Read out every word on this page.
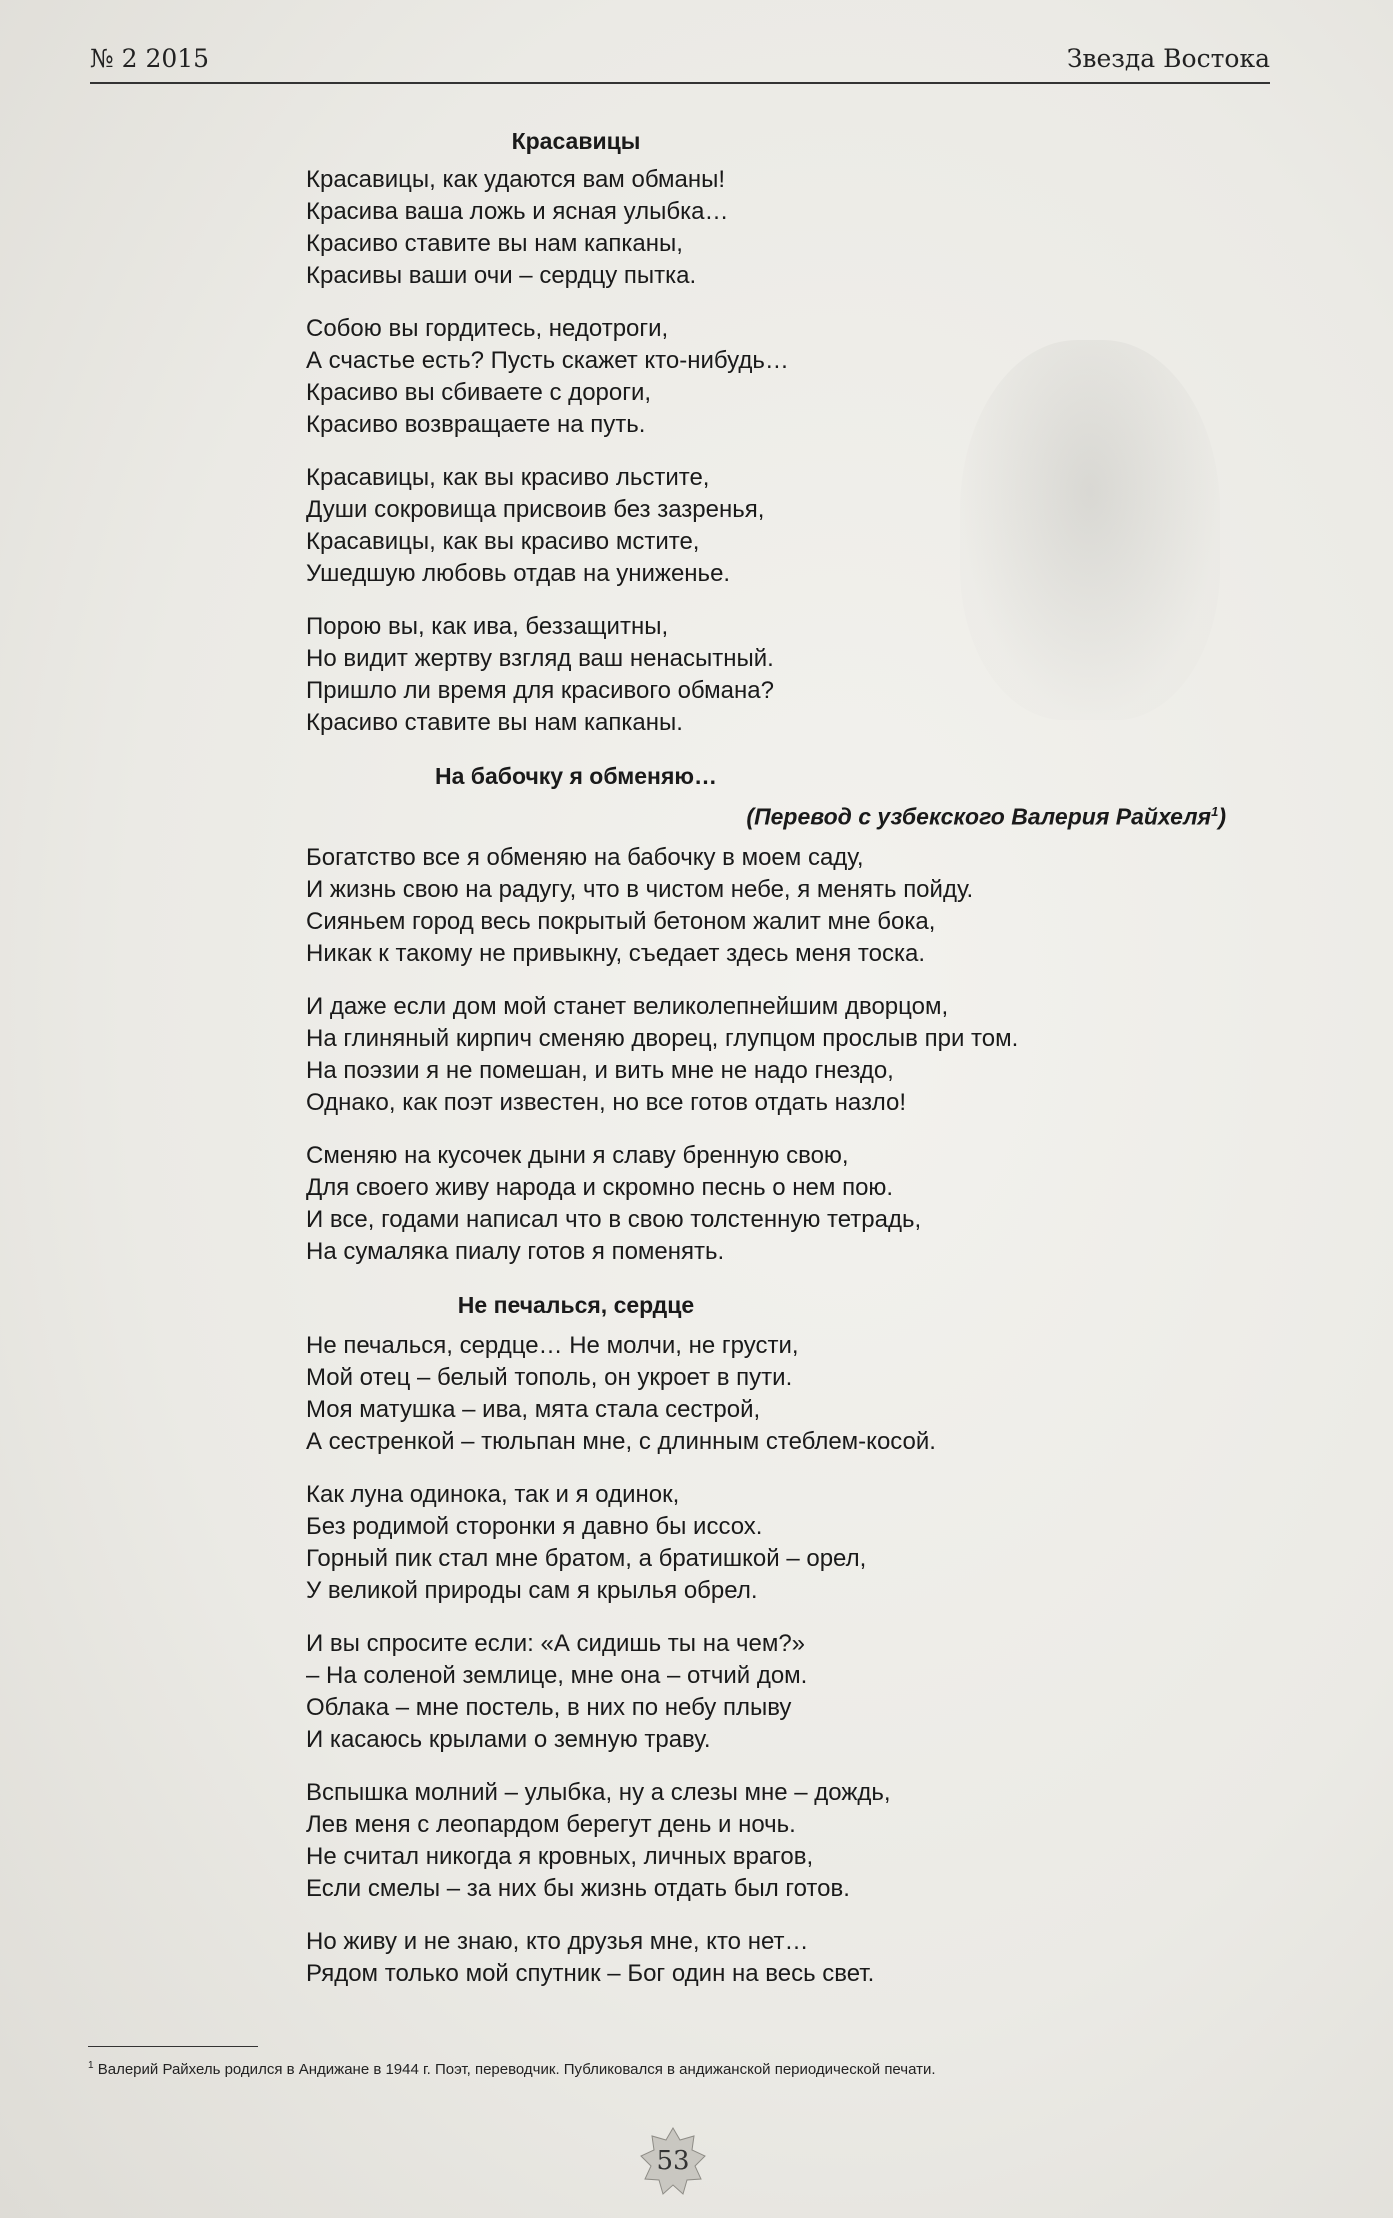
№ 2 2015	Звезда Востока
Красавицы

Красавицы, как удаются вам обманы!
Красива ваша ложь и ясная улыбка…
Красиво ставите вы нам капканы,
Красивы ваши очи – сердцу пытка.

Собою вы гордитесь, недотроги,
А счастье есть? Пусть скажет кто-нибудь…
Красиво вы сбиваете с дороги,
Красиво возвращаете на путь.

Красавицы, как вы красиво льстите,
Души сокровища присвоив без зазренья,
Красавицы, как вы красиво мстите,
Ушедшую любовь отдав на униженье.

Порою вы, как ива, беззащитны,
Но видит жертву взгляд ваш ненасытный.
Пришло ли время для красивого обмана?
Красиво ставите вы нам капканы.

На бабочку я обменяю…
(Перевод с узбекского Валерия Райхеля$^1$)

Богатство все я обменяю на бабочку в моем саду,
И жизнь свою на радугу, что в чистом небе, я менять пойду.
Сияньем город весь покрытый бетоном жалит мне бока,
Никак к такому не привыкну, съедает здесь меня тоска.

И даже если дом мой станет великолепнейшим дворцом,
На глиняный кирпич сменяю дворец, глупцом прослыв при том.
На поэзии я не помешан, и вить мне не надо гнездо,
Однако, как поэт известен, но все готов отдать назло!

Сменяю на кусочек дыни я славу бренную свою,
Для своего живу народа и скромно песнь о нем пою.
И все, годами написал что в свою толстенную тетрадь,
На сумаляка пиалу готов я поменять.

Не печалься, сердце

Не печалься, сердце… Не молчи, не грусти,
Мой отец – белый тополь, он укроет в пути.
Моя матушка – ива, мята стала сестрой,
А сестренкой – тюльпан мне, с длинным стеблем-косой.

Как луна одинока, так и я одинок,
Без родимой сторонки я давно бы иссох.
Горный пик стал мне братом, а братишкой – орел,
У великой природы сам я крылья обрел.

И вы спросите если: «А сидишь ты на чем?»
– На соленой землице, мне она – отчий дом.
Облака – мне постель, в них по небу плыву
И касаюсь крылами о земную траву.

Вспышка молний – улыбка, ну а слезы мне – дождь,
Лев меня с леопардом берегут день и ночь.
Не считал никогда я кровных, личных врагов,
Если смелы – за них бы жизнь отдать был готов.

Но живу и не знаю, кто друзья мне, кто нет…
Рядом только мой спутник – Бог один на весь свет.

$^1$ Валерий Райхель родился в Андижане в 1944 г. Поэт, переводчик. Публиковался в андижанской периодической печати.
53
